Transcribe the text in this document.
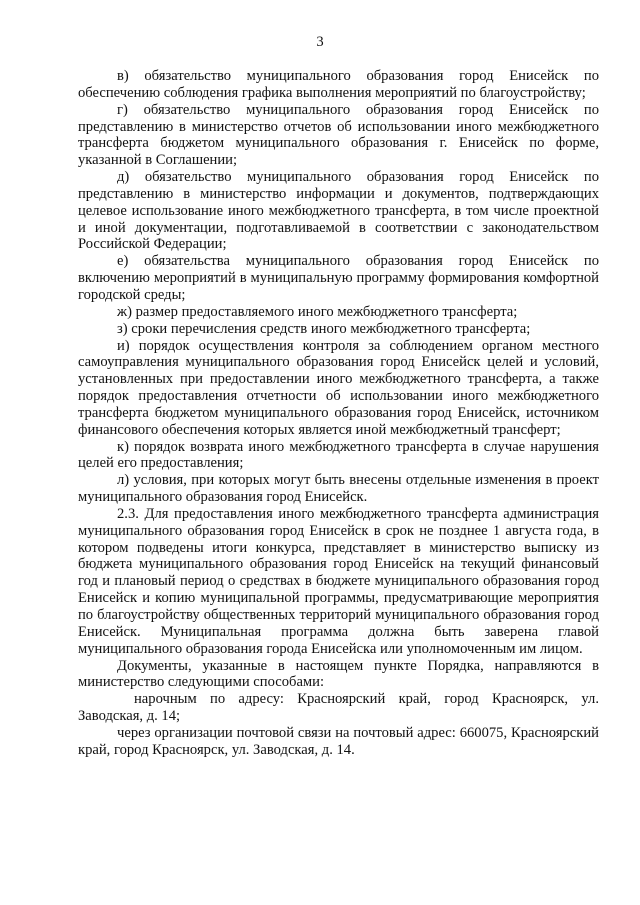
3

в) обязательство муниципального образования город Енисейск по обеспечению соблюдения графика выполнения мероприятий по благоустройству;

г) обязательство муниципального образования город Енисейск по представлению в министерство отчетов об использовании иного межбюджетного трансферта бюджетом муниципального образования г. Енисейск по форме, указанной в Соглашении;

д) обязательство муниципального образования город Енисейск по представлению в министерство информации и документов, подтверждающих целевое использование иного межбюджетного трансферта, в том числе проектной и иной документации, подготавливаемой в соответствии с законодательством Российской Федерации;

е) обязательства муниципального образования город Енисейск по включению мероприятий в муниципальную программу формирования комфортной городской среды;

ж) размер предоставляемого иного межбюджетного трансферта;

з) сроки перечисления средств иного межбюджетного трансферта;

и) порядок осуществления контроля за соблюдением органом местного самоуправления муниципального образования город Енисейск целей и условий, установленных при предоставлении иного межбюджетного трансферта, а также порядок предоставления отчетности об использовании иного межбюджетного трансферта бюджетом муниципального образования город Енисейск, источником финансового обеспечения которых является иной межбюджетный трансферт;

к) порядок возврата иного межбюджетного трансферта в случае нарушения целей его предоставления;

л) условия, при которых могут быть внесены отдельные изменения в проект муниципального образования город Енисейск.

2.3. Для предоставления иного межбюджетного трансферта администрация муниципального образования город Енисейск в срок не позднее 1 августа года, в котором подведены итоги конкурса, представляет в министерство выписку из бюджета муниципального образования город Енисейск на текущий финансовый год и плановый период о средствах в бюджете муниципального образования город Енисейск и копию муниципальной программы, предусматривающие мероприятия по благоустройству общественных территорий муниципального образования город Енисейск. Муниципальная программа должна быть заверена главой муниципального образования города Енисейска или уполномоченным им лицом.

Документы, указанные в настоящем пункте Порядка, направляются в министерство следующими способами:

нарочным по адресу: Красноярский край, город Красноярск, ул. Заводская, д. 14;

через организации почтовой связи на почтовый адрес: 660075, Красноярский край, город Красноярск, ул. Заводская, д. 14.
